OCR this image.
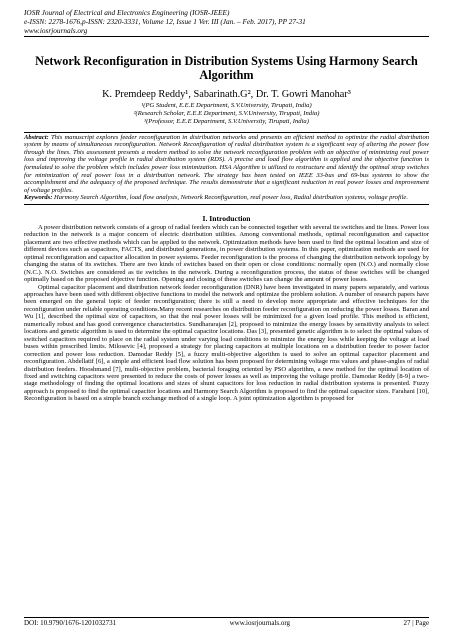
IOSR Journal of Electrical and Electronics Engineering (IOSR-JEEE)
e-ISSN: 2278-1676,p-ISSN: 2320-3331, Volume 12, Issue 1 Ver. III (Jan. – Feb. 2017), PP 27-31
www.iosrjournals.org
Network Reconfiguration in Distribution Systems Using Harmony Search Algorithm
K. Premdeep Reddy¹, Sabarinath.G², Dr. T. Gowri Manohar³
¹(PG Student, E.E.E Department, S.V.University, Tirupati, India)
²(Research Scholar, E.E.E Department, S.V.University, Tirupati, India)
³(Professor, E.E.E Department, S.V.University, Tirupati, India)
Abstract: This manuscript explores feeder reconfiguration in distribution networks and presents an efficient method to optimize the radial distribution system by means of simultaneous reconfiguration. Network Reconfiguration of radial distribution system is a significant way of altering the power flow through the lines. This assessment presents a modern method to solve the network reconfiguration problem with an objective of minimizing real power loss and improving the voltage profile in radial distribution system (RDS). A precise and load flow algorithm is applied and the objective function is formulated to solve the problem which includes power loss minimization. HSA Algorithm is utilized to restructure and identify the optimal strap switches for minimization of real power loss in a distribution network. The strategy has been tested on IEEE 33-bus and 69-bus systems to show the accomplishment and the adequacy of the proposed technique. The results demonstrate that a significant reduction in real power losses and improvement of voltage profiles.
Keywords: Harmony Search Algorithm, load flow analysis, Network Reconfiguration, real power loss, Radial distribution systems, voltage profile.
I. Introduction

A power distribution network consists of a group of radial feeders which can be connected together with several tie switches and tie lines. Power loss reduction in the network is a major concern of electric distribution utilities. Among conventional methods, optimal reconfiguration and capacitor placement are two effective methods which can be applied to the network. Optimization methods have been used to find the optimal location and size of different devices such as capacitors, FACTS, and distributed generations, in power distribution systems. In this paper, optimization methods are used for optimal reconfiguration and capacitor allocation in power systems. Feeder reconfiguration is the process of changing the distribution network topology by changing the status of its switches. There are two kinds of switches based on their open or close conditions: normally open (N.O.) and normally close (N.C.). N.O. Switches are considered as tie switches in the network. During a reconfiguration process, the status of these switches will be changed optimally based on the proposed objective function. Opening and closing of these switches can change the amount of power losses.

Optimal capacitor placement and distribution network feeder reconfiguration (DNR) have been investigated in many papers separately, and various approaches have been used with different objective functions to model the network and optimize the problem solution. A number of research papers have been emerged on the general topic of feeder reconfiguration; there is still a need to develop more appropriate and effective techniques for the reconfiguration under reliable operating conditions.Many recent researches on distribution feeder reconfiguration on reducing the power losses. Baran and Wu [1], described the optimal size of capacitors, so that the real power losses will be minimized for a given load profile. This method is efficient, numerically robust and has good convergence characteristics. Sundhararajan [2], proposed to minimize the energy losses by sensitivity analysis to select locations and genetic algorithm is used to determine the optimal capacitor locations. Das [3], presented genetic algorithm is to select the optimal values of switched capacitors required to place on the radial system under varying load conditions to minimize the energy loss while keeping the voltage at load buses within prescribed limits. Milosevic [4], proposed a strategy for placing capacitors at multiple locations on a distribution feeder to power factor correction and power loss reduction. Damodar Reddy [5], a fuzzy multi-objective algorithm is used to solve an optimal capacitor placement and reconfiguration. Abdellatif [6], a simple and efficient load flow solution has been proposed for determining voltage rms values and phase-angles of radial distribution feeders. Hooshmand [7], multi-objective problem, bacterial foraging oriented by PSO algorithm, a new method for the optimal location of fixed and switching capacitors were presented to reduce the costs of power losses as well as improving the voltage profile. Damodar Reddy [8-9] a two-stage methodology of finding the optimal locations and sizes of shunt capacitors for loss reduction in radial distribution systems is presented. Fuzzy approach is proposed to find the optimal capacitor locations and Harmony Search Algorithm is proposed to find the optimal capacitor sizes. Farahani [10], Reconfiguration is based on a simple branch exchange method of a single loop. A joint optimization algorithm is proposed for

DOI: 10.9790/1676-1201032731	www.iosrjournals.org	27 | Page
